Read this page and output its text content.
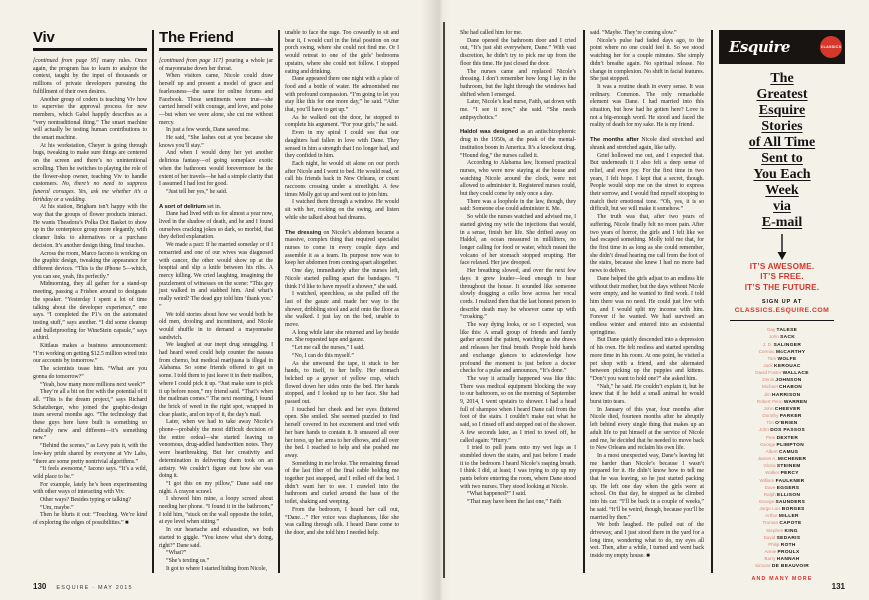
Viv

[continued from page 95] many rules. Once again, the program has to learn to analyze the context, taught by the input of thousands or millions of private developers pursuing the fulfillment of their own desires.

Another group of coders is teaching Viv how to supervise the approval process for new members, which Gabel happily describes as a “very nontraditional thing.” The smart machine will actually be testing human contributions to the smart machine.

At his workstation, Cheyer is going through bugs, tweaking to make sure things are centered on the screen and there’s no unintentional scrolling. Then he switches to playing the role of the flower-shop owner, teaching Viv to handle customers. No, there’s no need to suppress funeral corsages. Yes, ask me whether it’s a birthday or a wedding.

At his station, Brigham isn’t happy with the way that the groups of flower products interact. He wants Theadora’s Polka Dot Basket to show up in the centerpiece group more elegantly, with cleaner links to alternatives or a purchase decision. It’s another design thing, final touches.

Across the room, Marco Iacono is working on the graphic design, tweaking the appearance for different devices. “This is the iPhone 5—which, you can see, yeah, fits perfectly.”

Midmorning, they all gather for a stand-up meeting, passing a Frisbee around to designate the speaker. “Yesterday I spent a lot of time talking about the developer experience,” one says. “I completed the P1’s on the automated testing stuff,” says another. “I did some cleanup and bulletproofing for WineStein capsule,” says a third.

Kittlaus makes a business announcement: “I’m working on getting $12.5 million wired into our accounts by tomorrow.”

The scientists tease him. “What are you gonna do tomorrow?”

“Yeah, how many more millions next week?”

They’re all a bit on fire with the potential of it all. “This is the dream project,” says Richard Schatzberger, who joined the graphic-design team several months ago. “The technology that these guys here have built is something so radically new and different—it’s something new.”

“Behind the scenes,” as Levy puts it, with the low-key pride shared by everyone at Viv Labs, “there are some pretty nontrivial algorithms.”

“It feels awesome,” Iacono says. “It’s a wild, wild place to be.”

For example, lately he’s been experimenting with other ways of interacting with Viv.

Other ways? Besides typing or talking?

“Um, maybe.”

Then he blurts it out: “Touching. We’re kind of exploring the edges of possibilities.” ■

The Friend

[continued from page 117] pouring a whole jar of mayonnaise down her throat.

When visitors came, Nicole could draw herself up and present a model of grace and fearlessness—the same for online forums and Facebook. Those sentiments were true—she carried herself with courage, and love, and poise—but when we were alone, she cut me without mercy.

In just a few words, Dane saved me.

He said, “She lashes out at you because she knows you’ll stay.”

And when I would deny her yet another delirious fantasy—of going someplace exotic when the bathroom would forevermore be the extent of her travels—he had a simple clarity that I assumed I had lost for good.

“Just tell her yes,” he said.

A sort of delirium set in.

Dane had lived with us for almost a year now, lived in the shadow of death, and he and I found ourselves cracking jokes so dark, so morbid, that they defied explanation.

We made a pact: If he married someday or if I remarried and one of our wives was diagnosed with cancer, the other would show up at the hospital and slip a knife between his ribs. A mercy killing. We cried laughing, imagining the puzzlement of witnesses on the scene: “This guy just walked in and stabbed him. And what’s really weird? The dead guy told him ‘thank you.’ ”

We told stories about how we would both be old men, drooling and incontinent, and Nicole would shuffle in to demand a mayonnaise sandwich.

We laughed at our inept drug smuggling. I had heard weed could help counter the nausea from chemo, but medical marijuana is illegal in Alabama. So some friends offered to get us some. I told them to just leave it in their mailbox, where I could pick it up. “Just make sure to pick it up before noon,” my friend said. “That’s when the mailman comes.” The next morning, I found the brick of weed in the right spot, wrapped in clear plastic, and on top of it, the day’s mail.

Later, when we had to take away Nicole’s phone—probably the most difficult decision of the entire ordeal—she started leaving us venomous, drug-addled handwritten notes. They were heartbreaking. But her creativity and determination in delivering them took on an artistry. We couldn’t figure out how she was doing it.

“I got this on my pillow,” Dane said one night. A crayon scrawl.

I showed him mine, a loopy screed about needing her phone. “I found it in the bathroom,” I told him, “stuck on the wall opposite the toilet, at eye level when sitting.”

In our heartache and exhaustion, we both started to giggle. “You know what she’s doing, right?” Dane said.

“What?”

“She’s texting us.”

It got to where I started hiding from Nicole,

unable to face the rage. Too cowardly to sit and bear it, I would curl in the fetal position on our porch swing, where she could not find me. Or I would retreat to one of the girls’ bedrooms upstairs, where she could not follow. I stopped eating and drinking.

Dane appeared there one night with a plate of food and a bottle of water. He admonished me with profound compassion. “I’m going to let you stay like this for one more day,” he said. “After that, you’ll have to get up.”

As he walked out the door, he stopped to complete his argument. “For your girls,” he said.

Even in my spiral I could see that our daughters had fallen in love with Dane. They sensed in him a strength that I no longer had, and they confided in him.

Each night, he would sit alone on our porch after Nicole and I went to bed. He would read, or call his friends back in New Orleans, or count raccoons crossing under a streetlight. A few times Molly got up and went out to join him.

I watched them through a window. He would sit with her, rocking on the swing, and listen while she talked about bad dreams.

The dressing on Nicole’s abdomen became a massive, complex thing that required specialist nurses to come in every couple days and assemble it as a team. Its purpose now was to keep her abdomen from coming apart altogether.

One day, immediately after the nurses left, Nicole started pulling apart the bandages. “I think I’d like to have myself a shower,” she said.

I watched, speechless, as she pulled off the last of the gauze and made her way to the shower, dribbling stool and acid onto the floor as she walked. I just lay on the bed, unable to move.

A long while later she returned and lay beside me. She requested tape and gauze.

“Let me call the nurses,” I said.

“No, I can do this myself.”

As she unwound the tape, it stuck to her hands, to itself, to her belly. Her stomach belched up a geyser of yellow crap, which flowed down her sides onto the bed. Her hands stopped, and I looked up to her face. She had passed out.

I touched her cheek and her eyes fluttered open. She smiled. She seemed puzzled to find herself covered in hot excrement and tried with her bare hands to contain it. It smeared all over her torso, up her arms to her elbows, and all over the bed. I reached to help and she pushed me away.

Something in me broke. The remaining thread of the last fiber of the final cable holding me together just snapped, and I rolled off the bed. I didn’t want her to see. I crawled into the bathroom and curled around the base of the toilet, shaking and weeping.

From the bedroom, I heard her call out, “Dane…” Her voice was diaphanous, like she was calling through silk. I heard Dane come to the door, and she told him I needed help.

She had called him for me.

Dane opened the bathroom door and I cried out, “It’s just shit everywhere, Dane.” With vast discretion, he didn’t try to pick me up from the floor this time. He just closed the door.

The nurses came and replaced Nicole’s dressing. I don’t remember how long I lay in the bathroom, but the light through the windows had shifted when I emerged.

Later, Nicole’s lead nurse, Faith, sat down with me. “I see it now,” she said. “She needs antipsychotics.”

Haldol was designed as an antischizophrenic drug in the 1950s, at the peak of the mental-institution boom in America. It’s a knockout drug. “Hound dog,” the nurses called it.

According to Alabama law, licensed practical nurses, who were now staying at the house and watching Nicole around the clock, were not allowed to administer it. Registered nurses could, but they could come by only once a day.

There was a loophole in the law, though, they said: Someone else could administer it. Me.

So while the nurses watched and advised me, I started giving my wife the injections that would, in a sense, finish her life. She drifted away on Haldol, an ocean measured in milliliters, no longer calling for food or water, which meant the volcano of her stomach stopped erupting. Her face relaxed. Her jaw drooped.

Her breathing slowed, and over the next few days it grew louder—loud enough to hear throughout the house. It sounded like someone slowly dragging a cello bow across her vocal cords. I realized then that the last honest person to describe death may be whoever came up with “croaking.”

The way dying looks, or so I expected, was like this: A small group of friends and family gather around the patient, watching as she draws and releases her final breath. People hold hands and exchange glances to acknowledge how profound the moment is just before a doctor checks for a pulse and announces, “It’s done.”

The way it actually happened was like this: There was medical equipment blocking the way to our bathroom, so on the morning of September 9, 2014, I went upstairs to shower. I had a head full of shampoo when I heard Dane call from the foot of the stairs. I couldn’t make out what he said, so I rinsed off and stepped out of the shower. A few seconds later, as I tried to towel off, he called again: “Hurry.”

I tried to pull jeans onto my wet legs as I stumbled down the stairs, and just before I made it to the bedroom I heard Nicole’s rasping breath. I think I did, at least; I was trying to zip up my pants before entering the room, where Dane stood with two nurses. They stood looking at Nicole.

“What happened?” I said.

“That may have been the last one,” Faith

said. “Maybe. They’re coming slow.”

Nicole’s pulse had faded days ago, to the point where no one could feel it. So we stood watching her for a couple minutes. She simply didn’t breathe again. No spiritual release. No change in complexion. No shift in facial features. She just stopped.

It was a routine death in every sense. It was ordinary. Common. The only remarkable element was Dane. I had married into this situation, but how had he gotten here? Love is not a big-enough word. He stood and faced the reality of death for my sake. He is my friend.

The months after Nicole died stretched and shrank and stretched again, like taffy.

Grief hollowed me out, and I expected that. But underneath it I also felt a deep sense of relief, and even joy. For the first time in two years, I felt hope. I kept that a secret, though. People would stop me on the street to express their sorrow, and I would find myself stooping to match their emotional tone. “Oh, yes, it is so difficult, but we will make it somehow.”

The truth was that, after two years of suffering, Nicole finally felt no more pain. After two years of horror, the girls and I felt like we had escaped something. Molly told me that, for the first time in as long as she could remember, she didn’t dread hearing me call from the foot of the stairs, because she knew I had no more bad news to deliver.

Dane helped the girls adjust to an endless life without their mother, but the days without Nicole were empty, and he wanted to find work. I told him there was no need. He could just live with us, and I would split my income with him. Forever if he wanted. We had survived an endless winter and entered into an existential springtime.

But Dane quietly descended into a depression of his own. He felt restless and started spending more time in his room. At one point, he visited a pet shop with a friend, and she alternated between picking up the puppies and kittens. “Don’t you want to hold one?” she asked him.

“Nah,” he said. He couldn’t explain it, but he knew that if he held a small animal he would burst into tears.

In January of this year, four months after Nicole died, fourteen months after he abruptly left behind every single thing that makes up an adult life to put himself at the service of Nicole and me, he decided that he needed to move back to New Orleans and reclaim his own life.

In a most unexpected way, Dane’s leaving hit me harder than Nicole’s because I wasn’t prepared for it. He didn’t know how to tell me that he was leaving, so he just started packing up. He left one day when the girls were at school. On that day, he stopped as he climbed into his car. “I’ll be back in a couple of weeks,” he said. “It’ll be weird, though, because you’ll be married by then.”

We both laughed. He pulled out of the driveway, and I just stood there in the yard for a long time, wondering what to do, my eyes all wet. Then, after a while, I turned and went back inside my empty house. ■

Esquire	CLASSICS
The
Greatest
Esquire
Stories
of All Time
Sent to
You Each
Week
via
E-mail
IT’S AWESOME.
IT’S FREE.
IT’S THE FUTURE.
SIGN UP AT
CLASSICS.ESQUIRE.COM
Gay TALESE
John SACK
J. D. SALINGER
Cormac McCARTHY
Tom WOLFE
Jack KEROUAC
David Foster WALLACE
Denis JOHNSON
Michael CHABON
Jim HARRISON
Robert Penn WARREN
John CHEEVER
Dorothy PARKER
Tim O’BRIEN
John DOS PASSOS
Pete DEXTER
George PLIMPTON
Albert CAMUS
James A. MICHENER
Gloria STEINEM
Walker PERCY
William FAULKNER
Dave EGGERS
Ralph ELLISON
George SAUNDERS
Jorge Luis BORGES
Arthur MILLER
Truman CAPOTE
Stephen KING
David SEDARIS
Philip ROTH
Annie PROULX
Barry HANNAH
Simone DE BEAUVOIR
AND MANY MORE
130 ESQUIRE · MAY 2015	131
